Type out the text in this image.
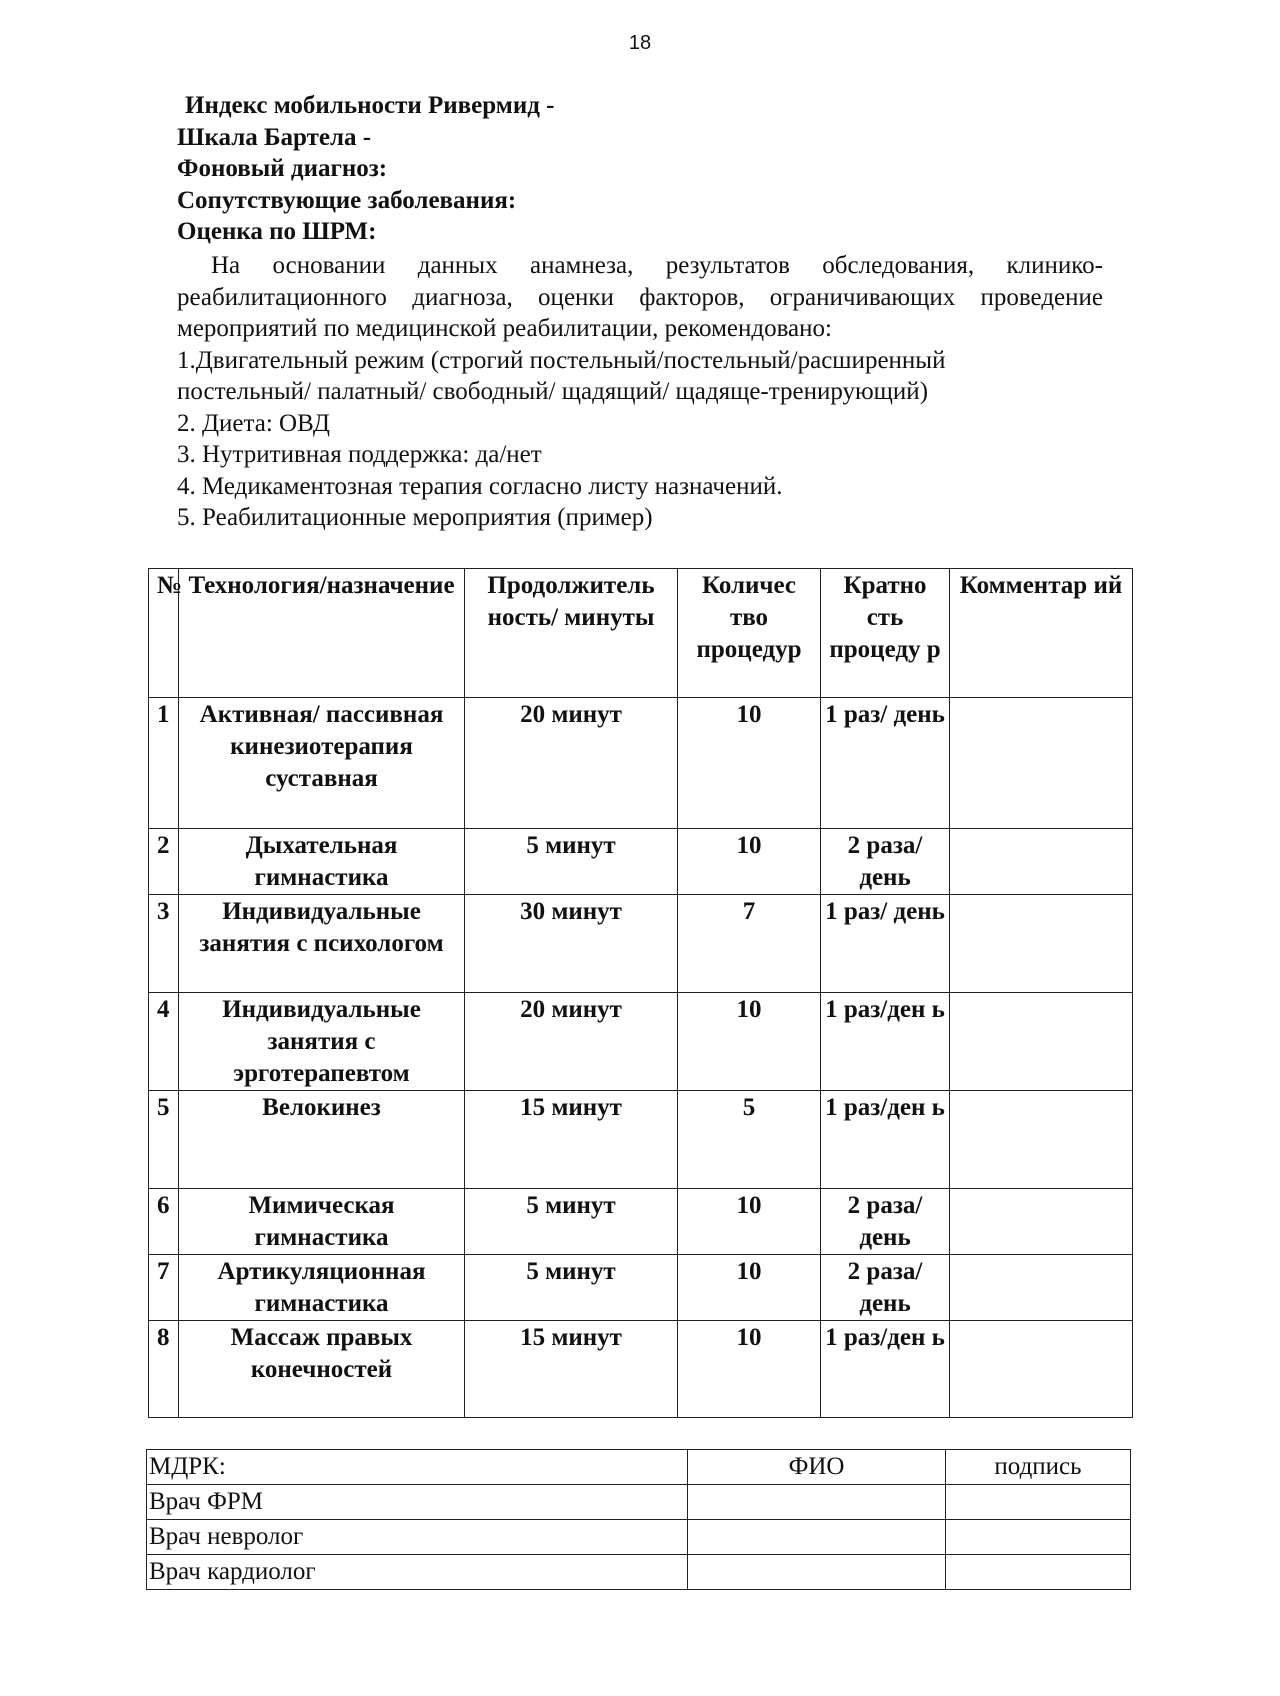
18
Индекс мобильности Ривермид -
Шкала Бартела -
Фоновый диагноз:
Сопутствующие заболевания:
Оценка по ШРМ:

На основании данных анамнеза, результатов обследования, клинико-реабилитационного диагноза, оценки факторов, ограничивающих проведение мероприятий по медицинской реабилитации, рекомендовано:

1.Двигательный режим (строгий постельный/постельный/расширенный

постельный/ палатный/ свободный/ щадящий/ щадяще-тренирующий)

2. Диета: ОВД

3. Нутритивная поддержка: да/нет

4. Медикаментозная терапия согласно листу назначений.

5. Реабилитационные мероприятия (пример)

№	Технология/назначение	Продолжитель ность/ минуты	Количес тво процедур	Кратно сть процеду р	Комментар ий
1	Активная/ пассивная кинезиотерапия суставная	20 минут	10	1 раз/ день	
2	Дыхательная гимнастика	5 минут	10	2 раза/ день	
3	Индивидуальные занятия с психологом	30 минут	7	1 раз/ день	
4	Индивидуальные занятия с эрготерапевтом	20 минут	10	1 раз/ден ь	
5	Велокинез	15 минут	5	1 раз/ден ь	
6	Мимическая гимнастика	5 минут	10	2 раза/ день	
7	Артикуляционная гимнастика	5 минут	10	2 раза/ день	
8	Массаж правых конечностей	15 минут	10	1 раз/ден ь	
МДРК:	ФИО	подпись
Врач ФРМ		
Врач невролог		
Врач кардиолог		
